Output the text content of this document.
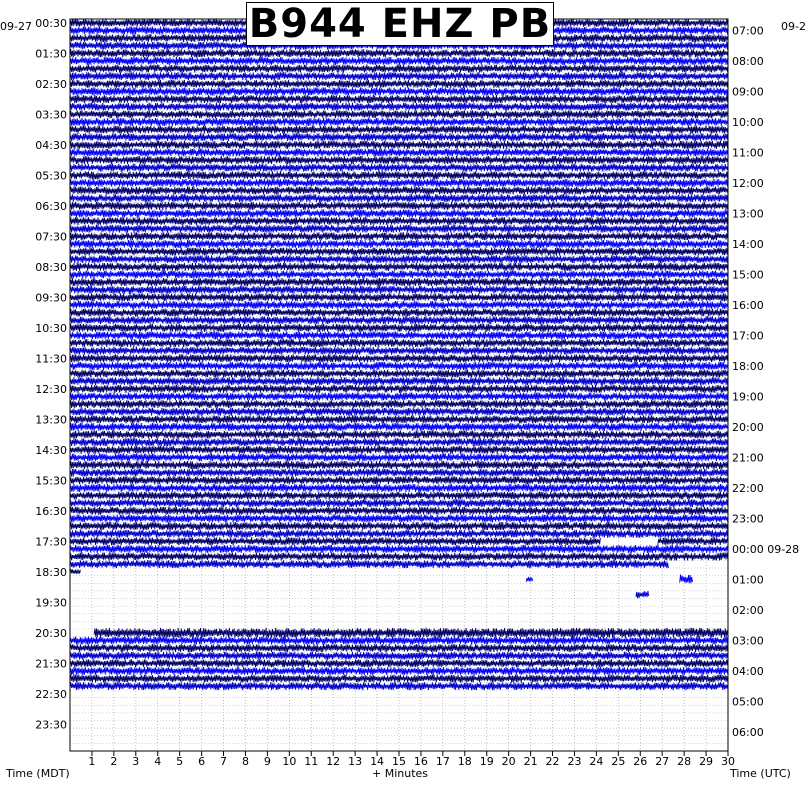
1 2 3 4 5 6 7 8 9 10 11 12 13 14 15 16 17 18 19 20 21 22 23 24 25 26 27 28 29 30
00:30
01:30
02:30
03:30
04:30
05:30
06:30
07:30
08:30
09:30
10:30
11:30
12:30
13:30
14:30
15:30
16:30
17:30
18:30
19:30
20:30
21:30
22:30
23:30
07:00
08:00
09:00
10:00
11:00
12:00
13:00
14:00
15:00
16:00
17:00
18:00
19:00
20:00
21:00
22:00
23:00
00:00 09-28
01:00
02:00
03:00
04:00
05:00
06:00
B944 EHZ PB
09-27	09-2
Time (MDT)	+ Minutes	Time (UTC)
